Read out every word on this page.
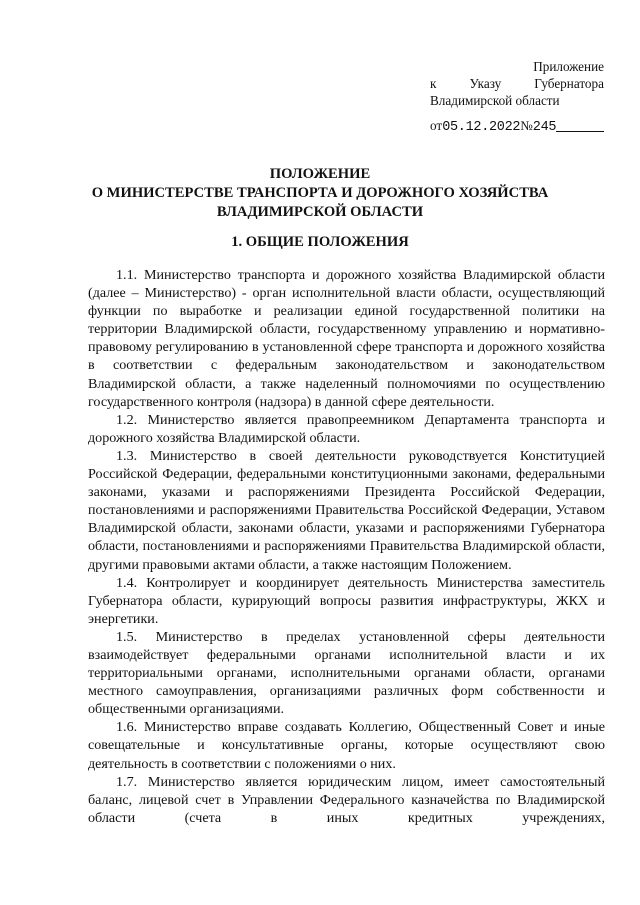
Приложение
к	Указу	Губернатора
Владимирской области
от05.12.2022№245
ПОЛОЖЕНИЕ
О МИНИСТЕРСТВЕ ТРАНСПОРТА И ДОРОЖНОГО ХОЗЯЙСТВА
ВЛАДИМИРСКОЙ ОБЛАСТИ
1. ОБЩИЕ ПОЛОЖЕНИЯ

1.1. Министерство транспорта и дорожного хозяйства Владимирской области (далее – Министерство) - орган исполнительной власти области, осуществляющий функции по выработке и реализации единой государственной политики на территории Владимирской области, государственному управлению и нормативно-правовому регулированию в установленной сфере транспорта и дорожного хозяйства в соответствии с федеральным законодательством и законодательством Владимирской области, а также наделенный полномочиями по осуществлению государственного контроля (надзора) в данной сфере деятельности.

1.2. Министерство является правопреемником Департамента транспорта и дорожного хозяйства Владимирской области.

1.3. Министерство в своей деятельности руководствуется Конституцией Российской Федерации, федеральными конституционными законами, федеральными законами, указами и распоряжениями Президента Российской Федерации, постановлениями и распоряжениями Правительства Российской Федерации, Уставом Владимирской области, законами области, указами и распоряжениями Губернатора области, постановлениями и распоряжениями Правительства Владимирской области, другими правовыми актами области, а также настоящим Положением.

1.4. Контролирует и координирует деятельность Министерства заместитель Губернатора области, курирующий вопросы развития инфраструктуры, ЖКХ и энергетики.

1.5. Министерство в пределах установленной сферы деятельности взаимодействует федеральными органами исполнительной власти и их территориальными органами, исполнительными органами области, органами местного самоуправления, организациями различных форм собственности и общественными организациями.

1.6. Министерство вправе создавать Коллегию, Общественный Совет и иные совещательные и консультативные органы, которые осуществляют свою деятельность в соответствии с положениями о них.

1.7. Министерство является юридическим лицом, имеет самостоятельный баланс, лицевой счет в Управлении Федерального казначейства по Владимирской области (счета в иных кредитных учреждениях,
